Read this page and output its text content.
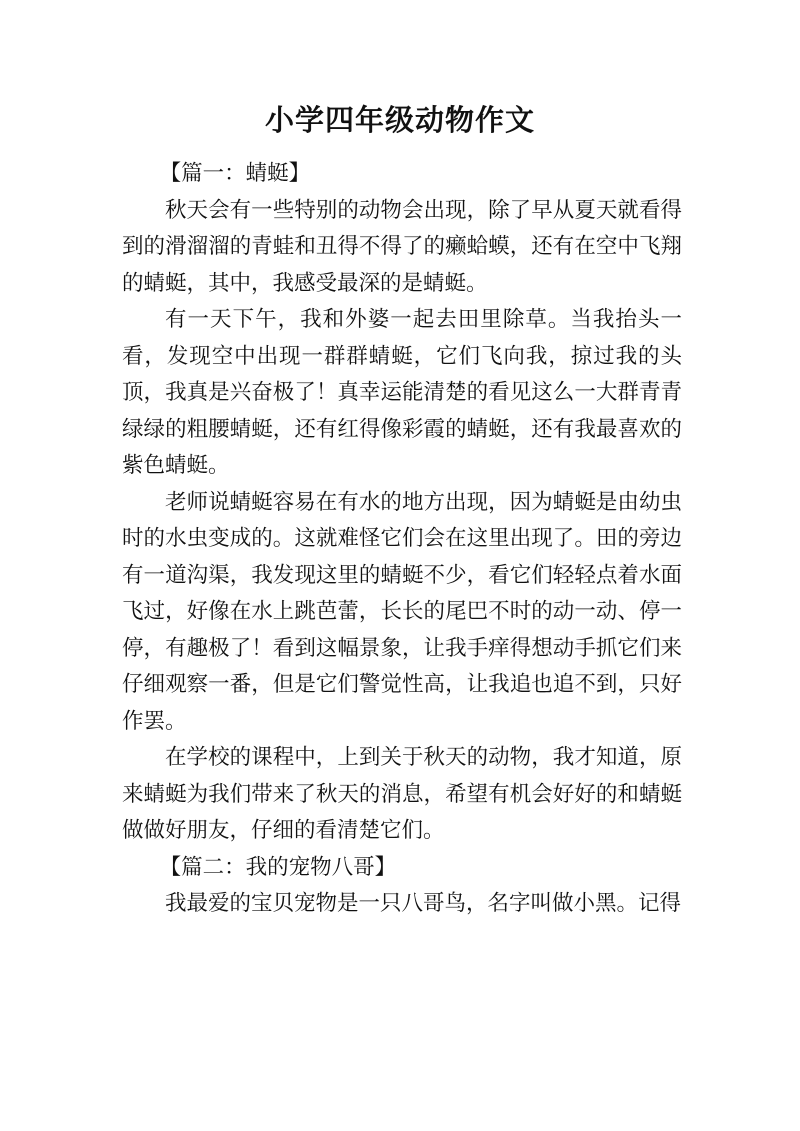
小学四年级动物作文

【篇一：蜻蜓】

秋天会有一些特别的动物会出现，除了早从夏天就看得到的滑溜溜的青蛙和丑得不得了的癞蛤蟆，还有在空中飞翔的蜻蜓，其中，我感受最深的是蜻蜓。

有一天下午，我和外婆一起去田里除草。当我抬头一看，发现空中出现一群群蜻蜓，它们飞向我，掠过我的头顶，我真是兴奋极了！真幸运能清楚的看见这么一大群青青绿绿的粗腰蜻蜓，还有红得像彩霞的蜻蜓，还有我最喜欢的紫色蜻蜓。

老师说蜻蜓容易在有水的地方出现，因为蜻蜓是由幼虫时的水虫变成的。这就难怪它们会在这里出现了。田的旁边有一道沟渠，我发现这里的蜻蜓不少，看它们轻轻点着水面飞过，好像在水上跳芭蕾，长长的尾巴不时的动一动、停一停，有趣极了！看到这幅景象，让我手痒得想动手抓它们来仔细观察一番，但是它们警觉性高，让我追也追不到，只好作罢。

在学校的课程中，上到关于秋天的动物，我才知道，原来蜻蜓为我们带来了秋天的消息，希望有机会好好的和蜻蜓做做好朋友，仔细的看清楚它们。

【篇二：我的宠物八哥】

我最爱的宝贝宠物是一只八哥鸟，名字叫做小黑。记得
